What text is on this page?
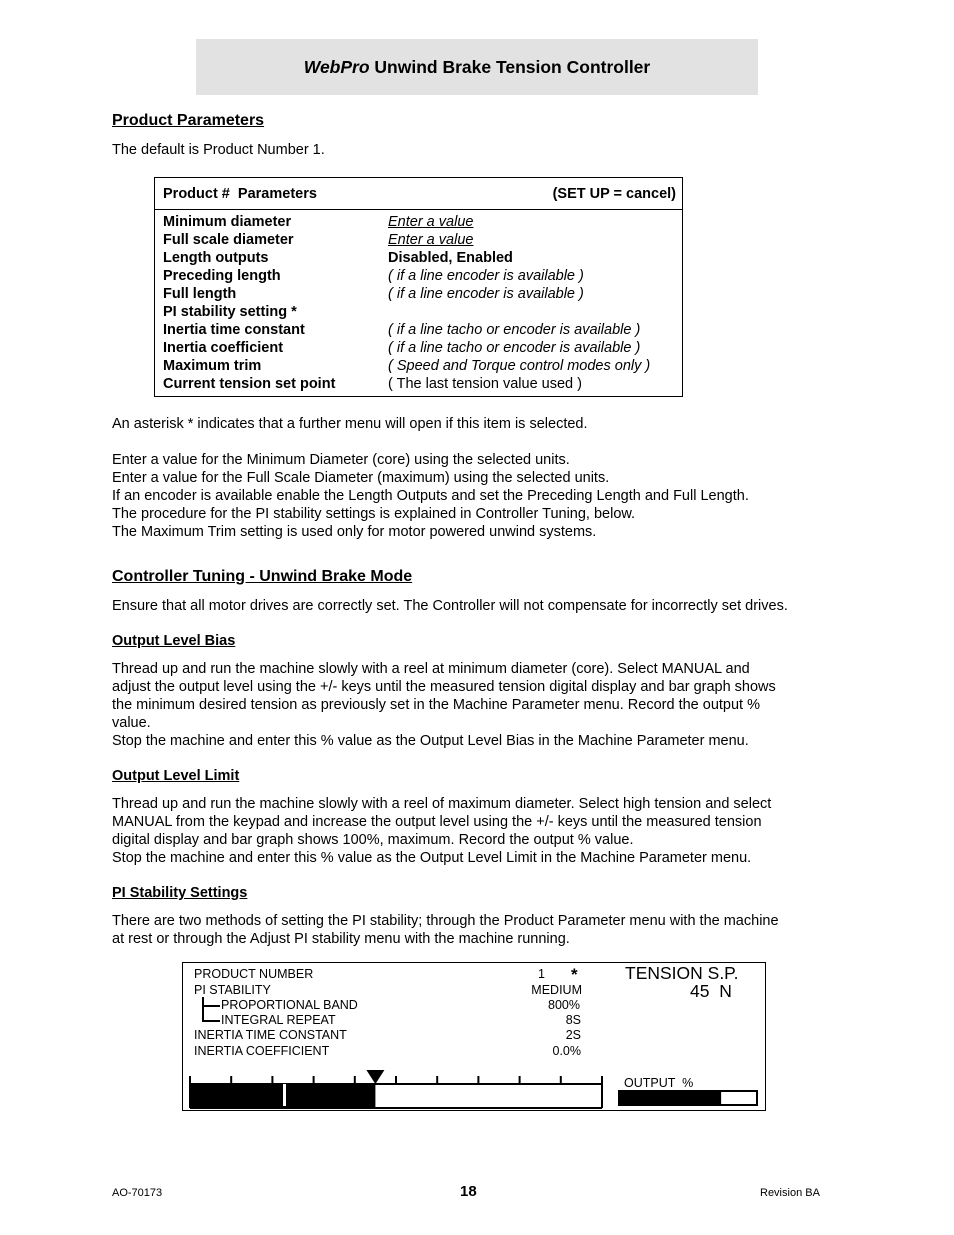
WebPro Unwind Brake Tension Controller
Product Parameters
The default is Product Number 1.
Product #  Parameters	(SET UP = cancel)
Minimum diameter	Enter a value
Full scale diameter	Enter a value
Length outputs	Disabled, Enabled
Preceding length	( if a line encoder is available )
Full length	( if a line encoder is available )
PI stability setting *
Inertia time constant	( if a line tacho or encoder is available )
Inertia coefficient	( if a line tacho or encoder is available )
Maximum trim	( Speed and Torque control modes only )
Current tension set point	( The last tension value used )
An asterisk * indicates that a further menu will open if this item is selected.
Enter a value for the Minimum Diameter (core) using the selected units.
Enter a value for the Full Scale Diameter (maximum) using the selected units.
If an encoder is available enable the Length Outputs and set the Preceding Length and Full Length.
The procedure for the PI stability settings is explained in Controller Tuning, below.
The Maximum Trim setting is used only for motor powered unwind systems.
Controller Tuning - Unwind Brake Mode
Ensure that all motor drives are correctly set. The Controller will not compensate for incorrectly set drives.
Output Level Bias
Thread up and run the machine slowly with a reel at minimum diameter (core). Select MANUAL and
adjust the output level using the +/- keys until the measured tension digital display and bar graph shows
the minimum desired tension as previously set in the Machine Parameter menu. Record the output %
value.
Stop the machine and enter this % value as the Output Level Bias in the Machine Parameter menu.
Output Level Limit
Thread up and run the machine slowly with a reel of maximum diameter. Select high tension and select
MANUAL from the keypad and increase the output level using the +/- keys until the measured tension
digital display and bar graph shows 100%, maximum. Record the output % value.
Stop the machine and enter this % value as the Output Level Limit in the Machine Parameter menu.
PI Stability Settings
There are two methods of setting the PI stability; through the Product Parameter menu with the machine
at rest or through the Adjust PI stability menu with the machine running.
PRODUCT NUMBER	1 *
PI STABILITY	MEDIUM
PROPORTIONAL BAND	800%
INTEGRAL REPEAT	8S
INERTIA TIME CONSTANT	2S
INERTIA COEFFICIENT	0.0%
TENSION S.P.
45  N
OUTPUT  %
AO-70173	18	Revision BA
